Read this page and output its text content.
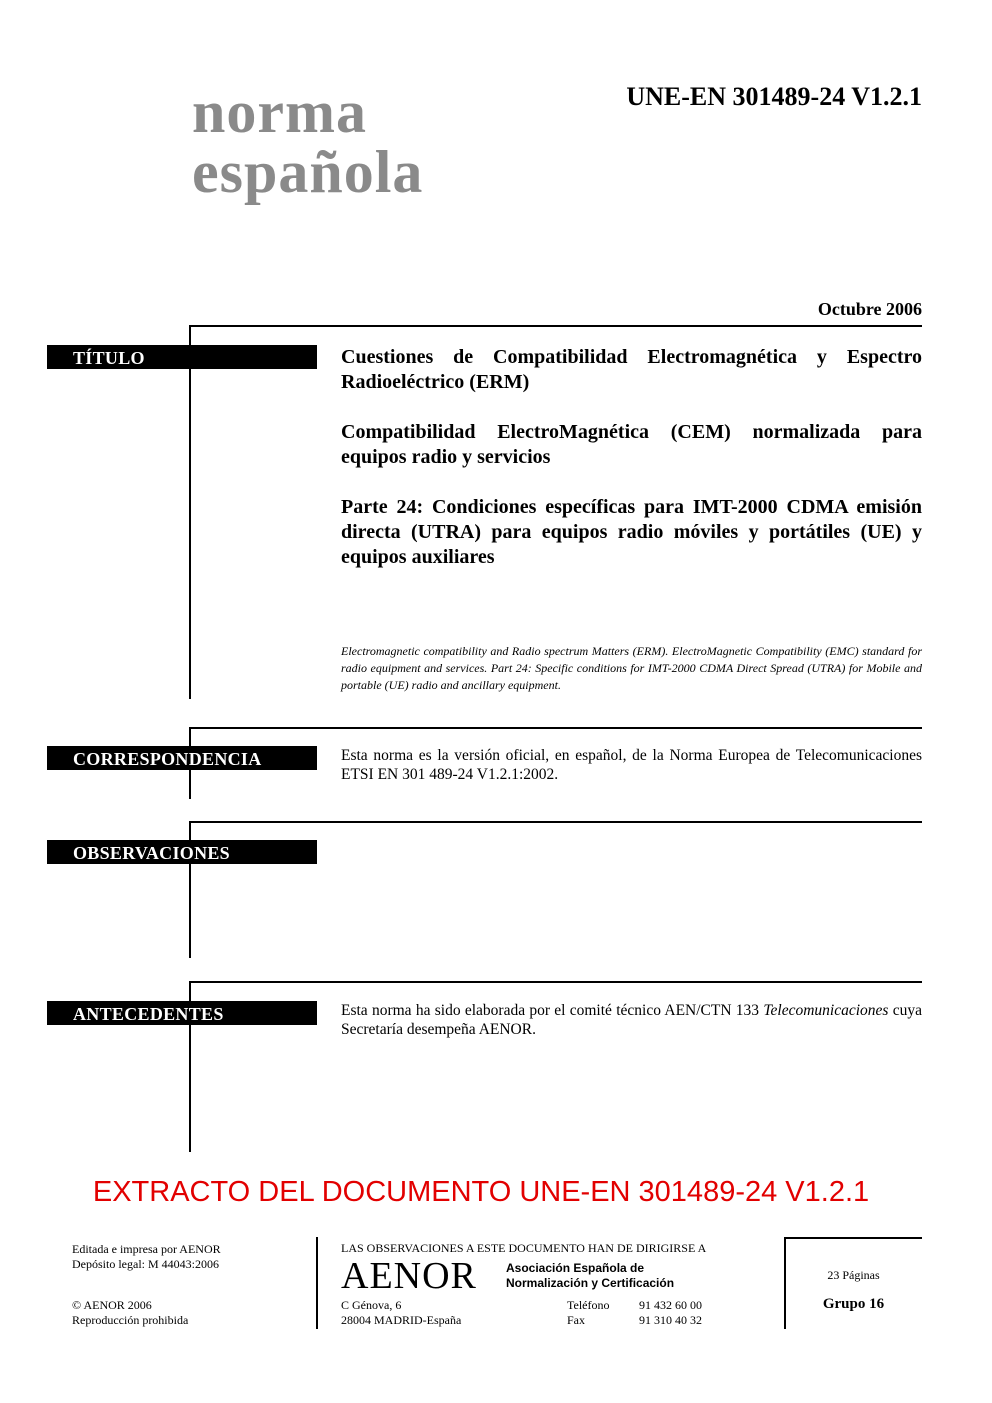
norma
española
UNE-EN 301489-24 V1.2.1
Octubre 2006
TÍTULO	Cuestiones de Compatibilidad Electromagnética y Espectro Radioeléctrico (ERM)

Compatibilidad ElectroMagnética (CEM) normalizada para equipos radio y servicios

Parte 24: Condiciones específicas para IMT-2000 CDMA emisión directa (UTRA) para equipos radio móviles y portátiles (UE) y equipos auxiliares

Electromagnetic compatibility and Radio spectrum Matters (ERM). ElectroMagnetic Compatibility (EMC) standard for radio equipment and services. Part 24: Specific conditions for IMT-2000 CDMA Direct Spread (UTRA) for Mobile and portable (UE) radio and ancillary equipment.
CORRESPONDENCIA	Esta norma es la versión oficial, en español, de la Norma Europea de Telecomunicaciones ETSI EN 301 489-24 V1.2.1:2002.
OBSERVACIONES
ANTECEDENTES	Esta norma ha sido elaborada por el comité técnico AEN/CTN 133 Telecomunicaciones cuya Secretaría desempeña AENOR.
EXTRACTO DEL DOCUMENTO UNE-EN 301489-24 V1.2.1
Editada e impresa por AENOR
Depósito legal: M 44043:2006
© AENOR 2006
Reproducción prohibida
LAS OBSERVACIONES A ESTE DOCUMENTO HAN DE DIRIGIRSE A
AENOR Asociación Española de
Normalización y Certificación
C Génova, 6
28004 MADRID-España
Teléfono 91 432 60 00
Fax	91 310 40 32
23 Páginas
Grupo 16
